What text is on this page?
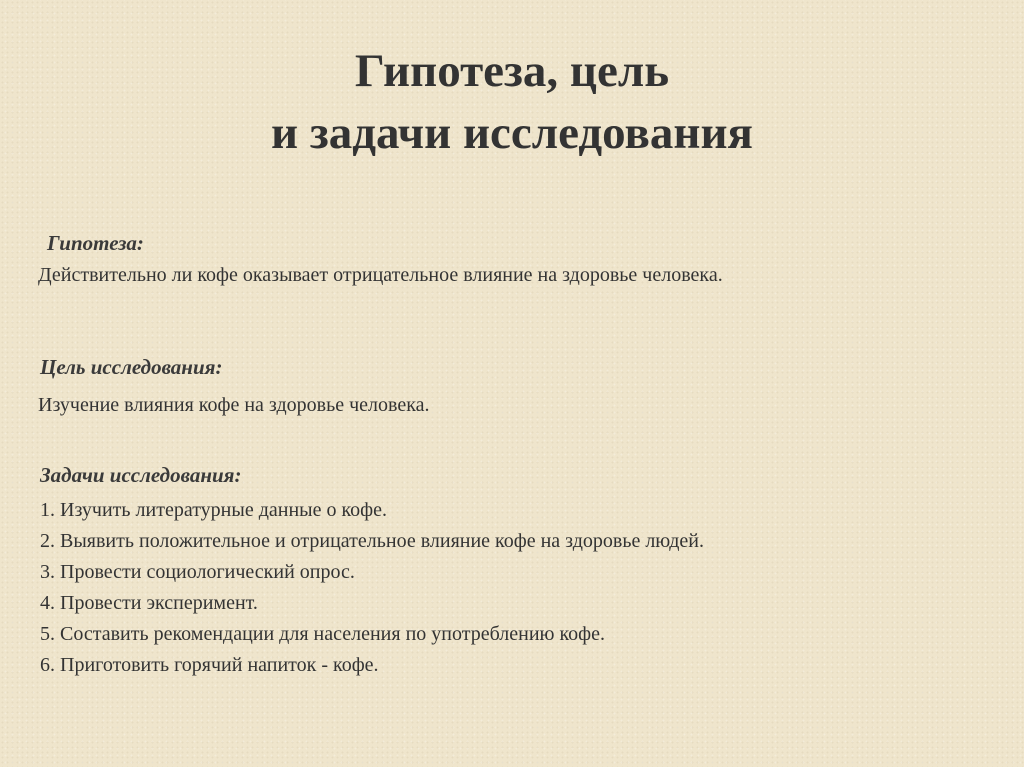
Гипотеза, цель
и задачи исследования
Гипотеза:
Действительно ли кофе оказывает отрицательное влияние на здоровье человека.
Цель исследования:
Изучение влияния кофе на здоровье человека.
Задачи исследования:
1. Изучить литературные данные о кофе.
2. Выявить положительное и отрицательное влияние кофе на здоровье людей.
3. Провести социологический опрос.
4. Провести эксперимент.
5. Составить рекомендации для населения по употреблению кофе.
6. Приготовить горячий напиток - кофе.
